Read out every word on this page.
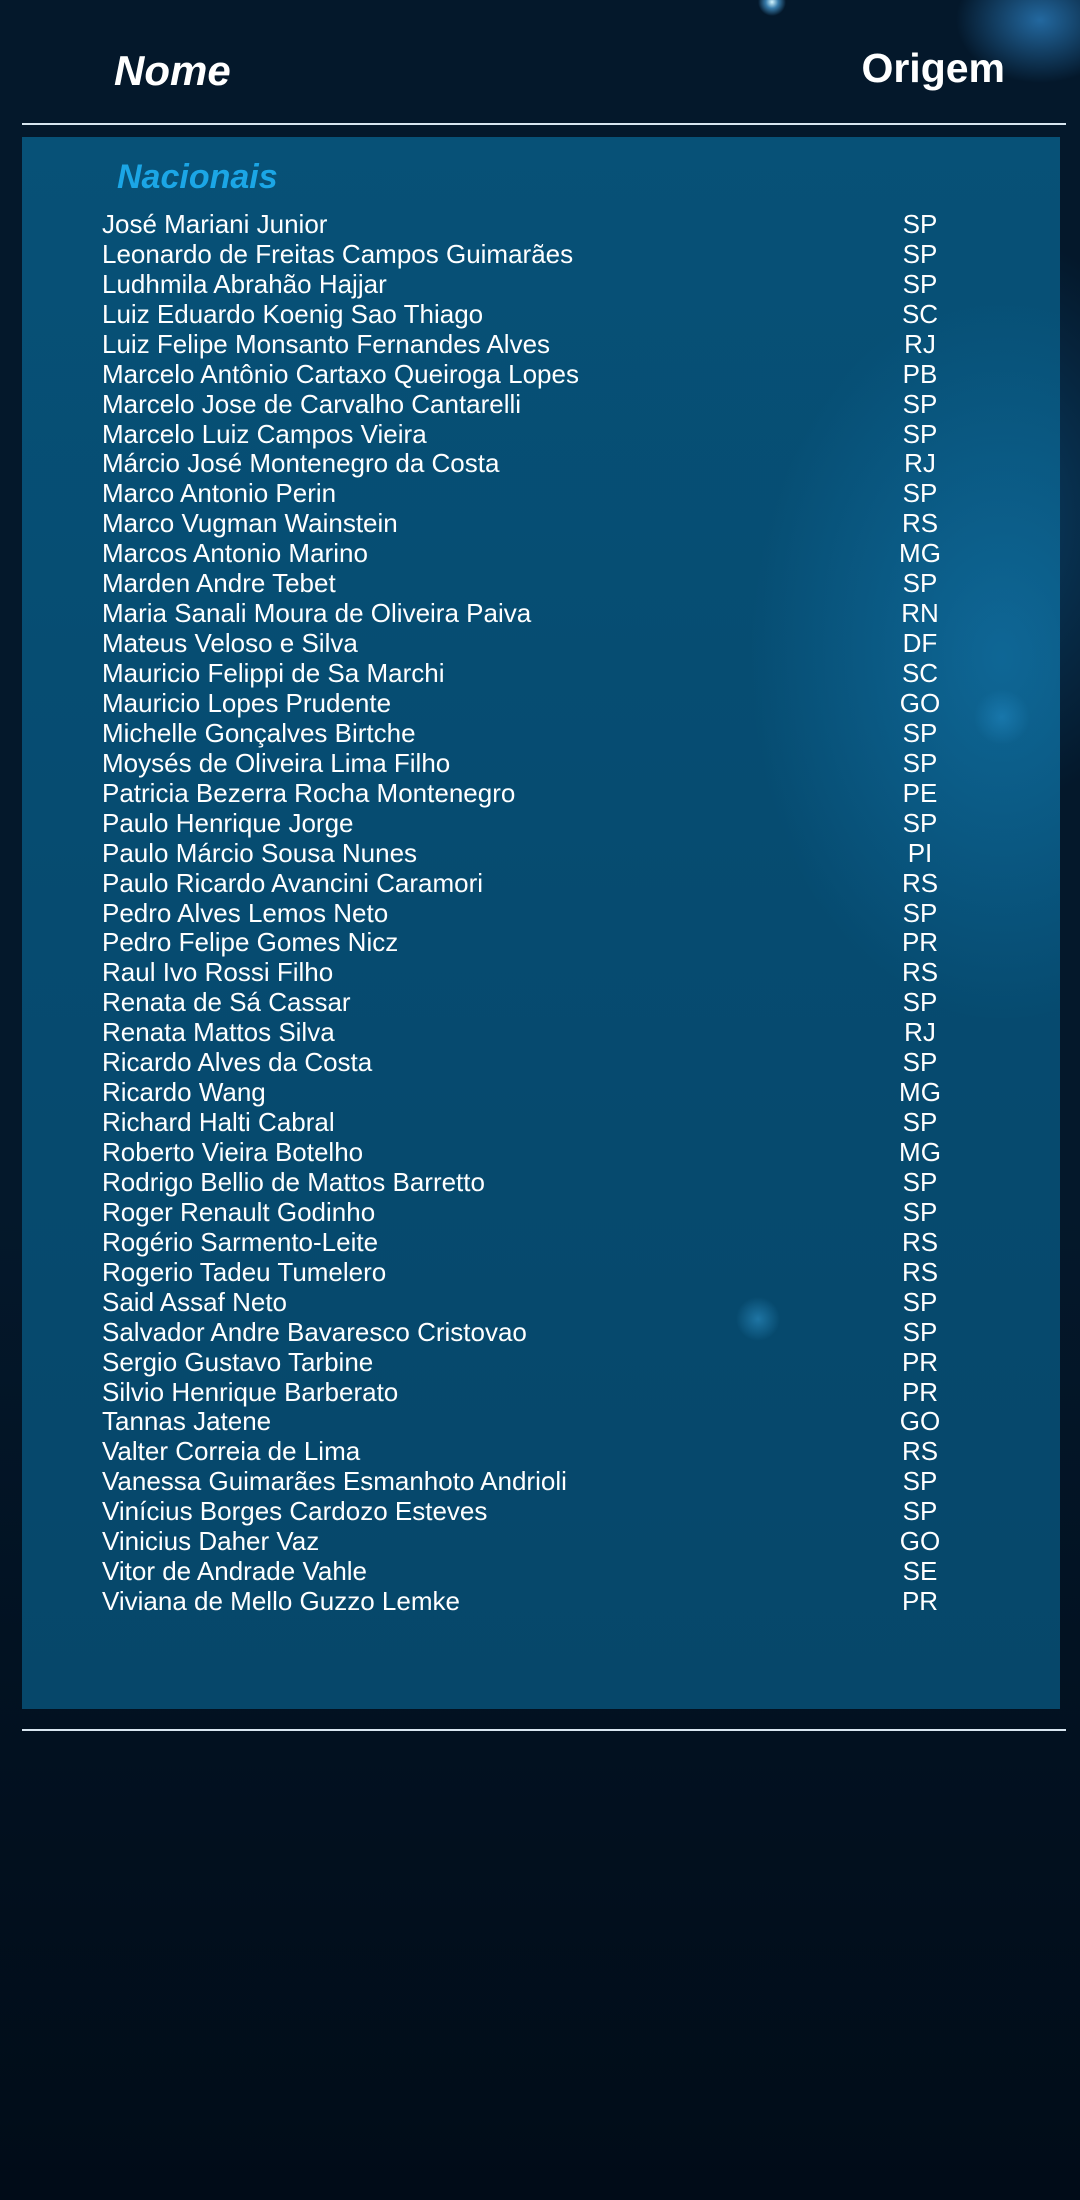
Nome	Origem
Nacionais
José Mariani Junior	SP
Leonardo de Freitas Campos Guimarães	SP
Ludhmila Abrahão Hajjar	SP
Luiz Eduardo Koenig Sao Thiago	SC
Luiz Felipe Monsanto Fernandes Alves	RJ
Marcelo Antônio Cartaxo Queiroga Lopes	PB
Marcelo Jose de Carvalho Cantarelli	SP
Marcelo Luiz Campos Vieira	SP
Márcio José Montenegro da Costa	RJ
Marco Antonio Perin	SP
Marco Vugman Wainstein	RS
Marcos Antonio Marino	MG
Marden Andre Tebet	SP
Maria Sanali Moura de Oliveira Paiva	RN
Mateus Veloso e Silva	DF
Mauricio Felippi de Sa Marchi	SC
Mauricio Lopes Prudente	GO
Michelle Gonçalves Birtche	SP
Moysés de Oliveira Lima Filho	SP
Patricia Bezerra Rocha Montenegro	PE
Paulo Henrique Jorge	SP
Paulo Márcio Sousa Nunes	PI
Paulo Ricardo Avancini Caramori	RS
Pedro Alves Lemos Neto	SP
Pedro Felipe Gomes Nicz	PR
Raul Ivo Rossi Filho	RS
Renata de Sá Cassar	SP
Renata Mattos Silva	RJ
Ricardo Alves da Costa	SP
Ricardo Wang	MG
Richard Halti Cabral	SP
Roberto Vieira Botelho	MG
Rodrigo Bellio de Mattos Barretto	SP
Roger Renault Godinho	SP
Rogério Sarmento-Leite	RS
Rogerio Tadeu Tumelero	RS
Said Assaf Neto	SP
Salvador Andre Bavaresco Cristovao	SP
Sergio Gustavo Tarbine	PR
Silvio Henrique Barberato	PR
Tannas Jatene	GO
Valter Correia de Lima	RS
Vanessa Guimarães Esmanhoto Andrioli	SP
Vinícius Borges Cardozo Esteves	SP
Vinicius Daher Vaz	GO
Vitor de Andrade Vahle	SE
Viviana de Mello Guzzo Lemke	PR
